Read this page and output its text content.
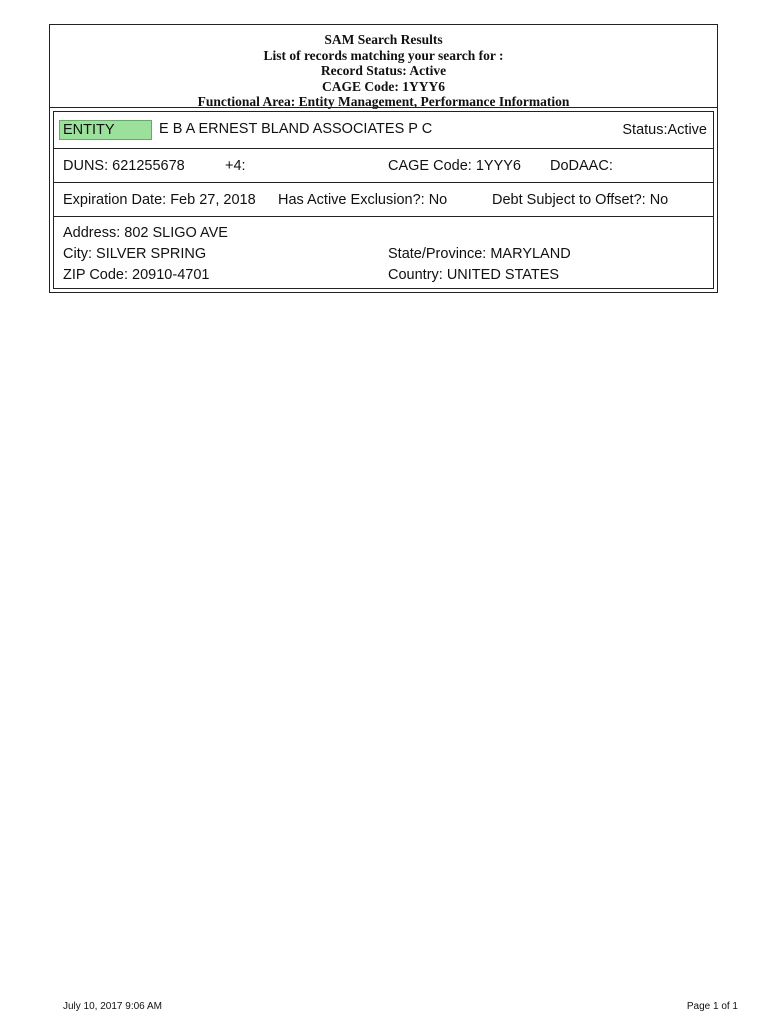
SAM Search Results
List of records matching your search for :
Record Status: Active
CAGE Code: 1YYY6
Functional Area: Entity Management, Performance Information
ENTITY	E B A ERNEST BLAND ASSOCIATES P C	Status:Active
DUNS: 621255678	+4:	CAGE Code: 1YYY6 DoDAAC:
Expiration Date: Feb 27, 2018 Has Active Exclusion?: No	Debt Subject to Offset?: No
Address: 802 SLIGO AVE
City: SILVER SPRING	State/Province: MARYLAND
ZIP Code: 20910-4701	Country: UNITED STATES
July 10, 2017 9:06 AM	Page 1 of 1
